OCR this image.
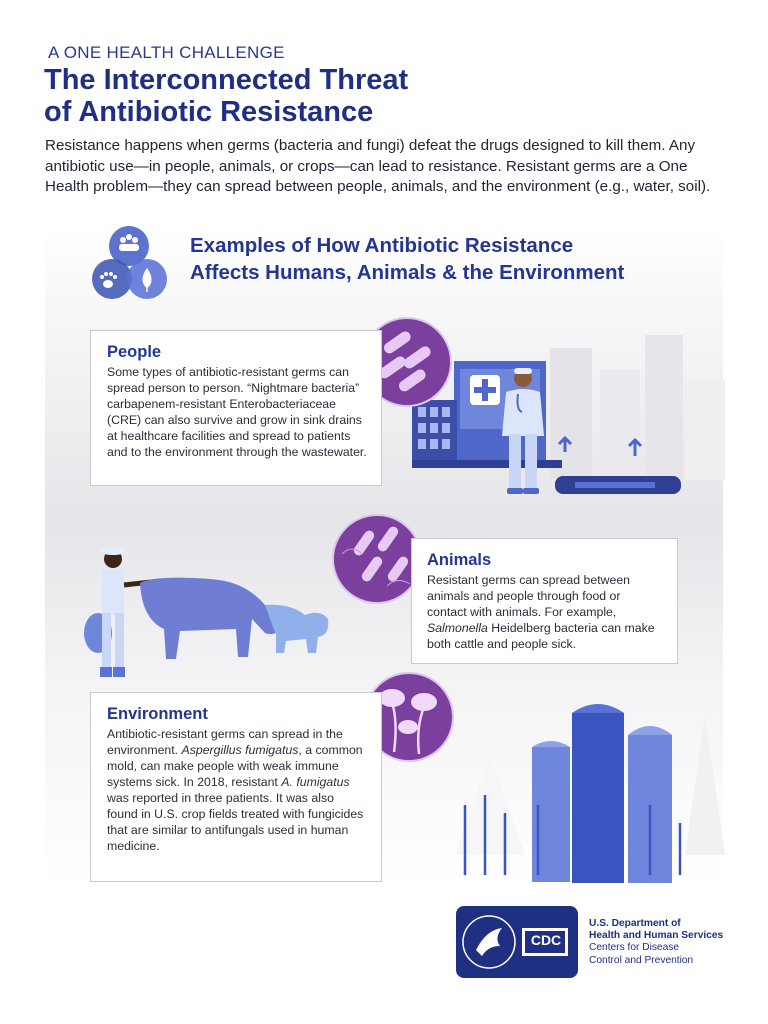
A ONE HEALTH CHALLENGE
The Interconnected Threat
of Antibiotic Resistance
Resistance happens when germs (bacteria and fungi) defeat the drugs designed to kill them. Any antibiotic use—in people, animals, or crops—can lead to resistance. Resistant germs are a One Health problem—they can spread between people, animals, and the environment (e.g., water, soil).
Examples of How Antibiotic Resistance
Affects Humans, Animals & the Environment
People

Some types of antibiotic-resistant germs can spread person to person. “Nightmare bacteria” carbapenem-resistant Enterobacteriaceae (CRE) can also survive and grow in sink drains at healthcare facilities and spread to patients and to the environment through the wastewater.

Animals

Resistant germs can spread between animals and people through food or contact with animals. For example, Salmonella Heidelberg bacteria can make both cattle and people sick.

Environment

Antibiotic-resistant germs can spread in the environment. Aspergillus fumigatus, a common mold, can make people with weak immune systems sick. In 2018, resistant A. fumigatus was reported in three patients. It was also found in U.S. crop fields treated with fungicides that are similar to antifungals used in human medicine.

CDC
U.S. Department of
Health and Human Services
Centers for Disease
Control and Prevention
